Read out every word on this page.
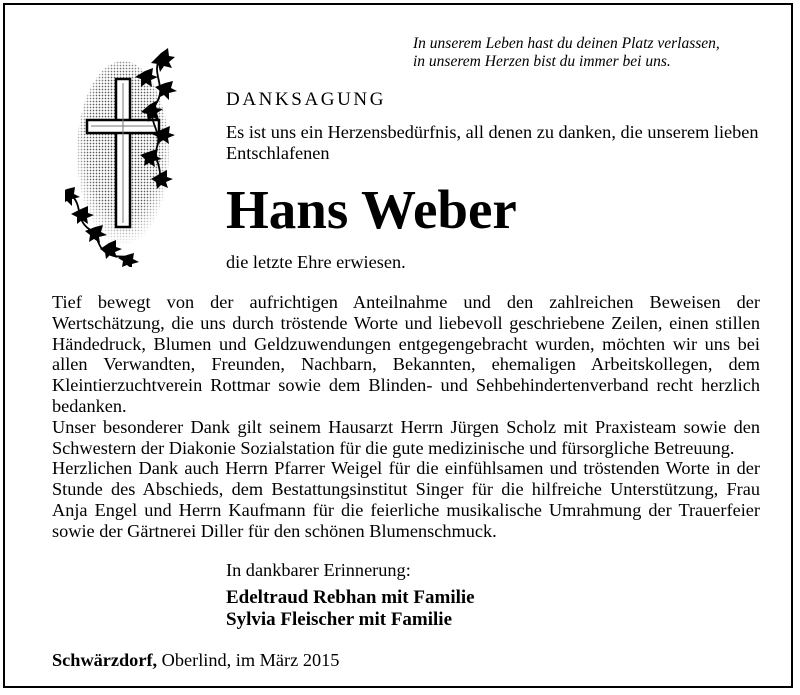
In unserem Leben hast du deinen Platz verlassen,
in unserem Herzen bist du immer bei uns.
DANKSAGUNG
Es ist uns ein Herzensbedürfnis, all denen zu danken, die unserem lieben Entschlafenen
Hans Weber
die letzte Ehre erwiesen.
Tief bewegt von der aufrichtigen Anteilnahme und den zahlreichen Beweisen der Wertschätzung, die uns durch tröstende Worte und liebevoll geschriebene Zeilen, einen stillen Händedruck, Blumen und Geldzuwendungen entgegengebracht wurden, möchten wir uns bei allen Verwandten, Freunden, Nachbarn, Bekannten, ehemaligen Arbeitskollegen, dem Kleintierzuchtverein Rottmar sowie dem Blinden- und Sehbehindertenverband recht herzlich bedanken.
Unser besonderer Dank gilt seinem Hausarzt Herrn Jürgen Scholz mit Praxisteam sowie den Schwestern der Diakonie Sozialstation für die gute medizinische und fürsorgliche Betreuung.
Herzlichen Dank auch Herrn Pfarrer Weigel für die einfühlsamen und tröstenden Worte in der Stunde des Abschieds, dem Bestattungsinstitut Singer für die hilfreiche Unterstützung, Frau Anja Engel und Herrn Kaufmann für die feierliche musikalische Umrahmung der Trauerfeier sowie der Gärtnerei Diller für den schönen Blumenschmuck.
In dankbarer Erinnerung:
Edeltraud Rebhan mit Familie
Sylvia Fleischer mit Familie
Schwärzdorf, Oberlind, im März 2015
